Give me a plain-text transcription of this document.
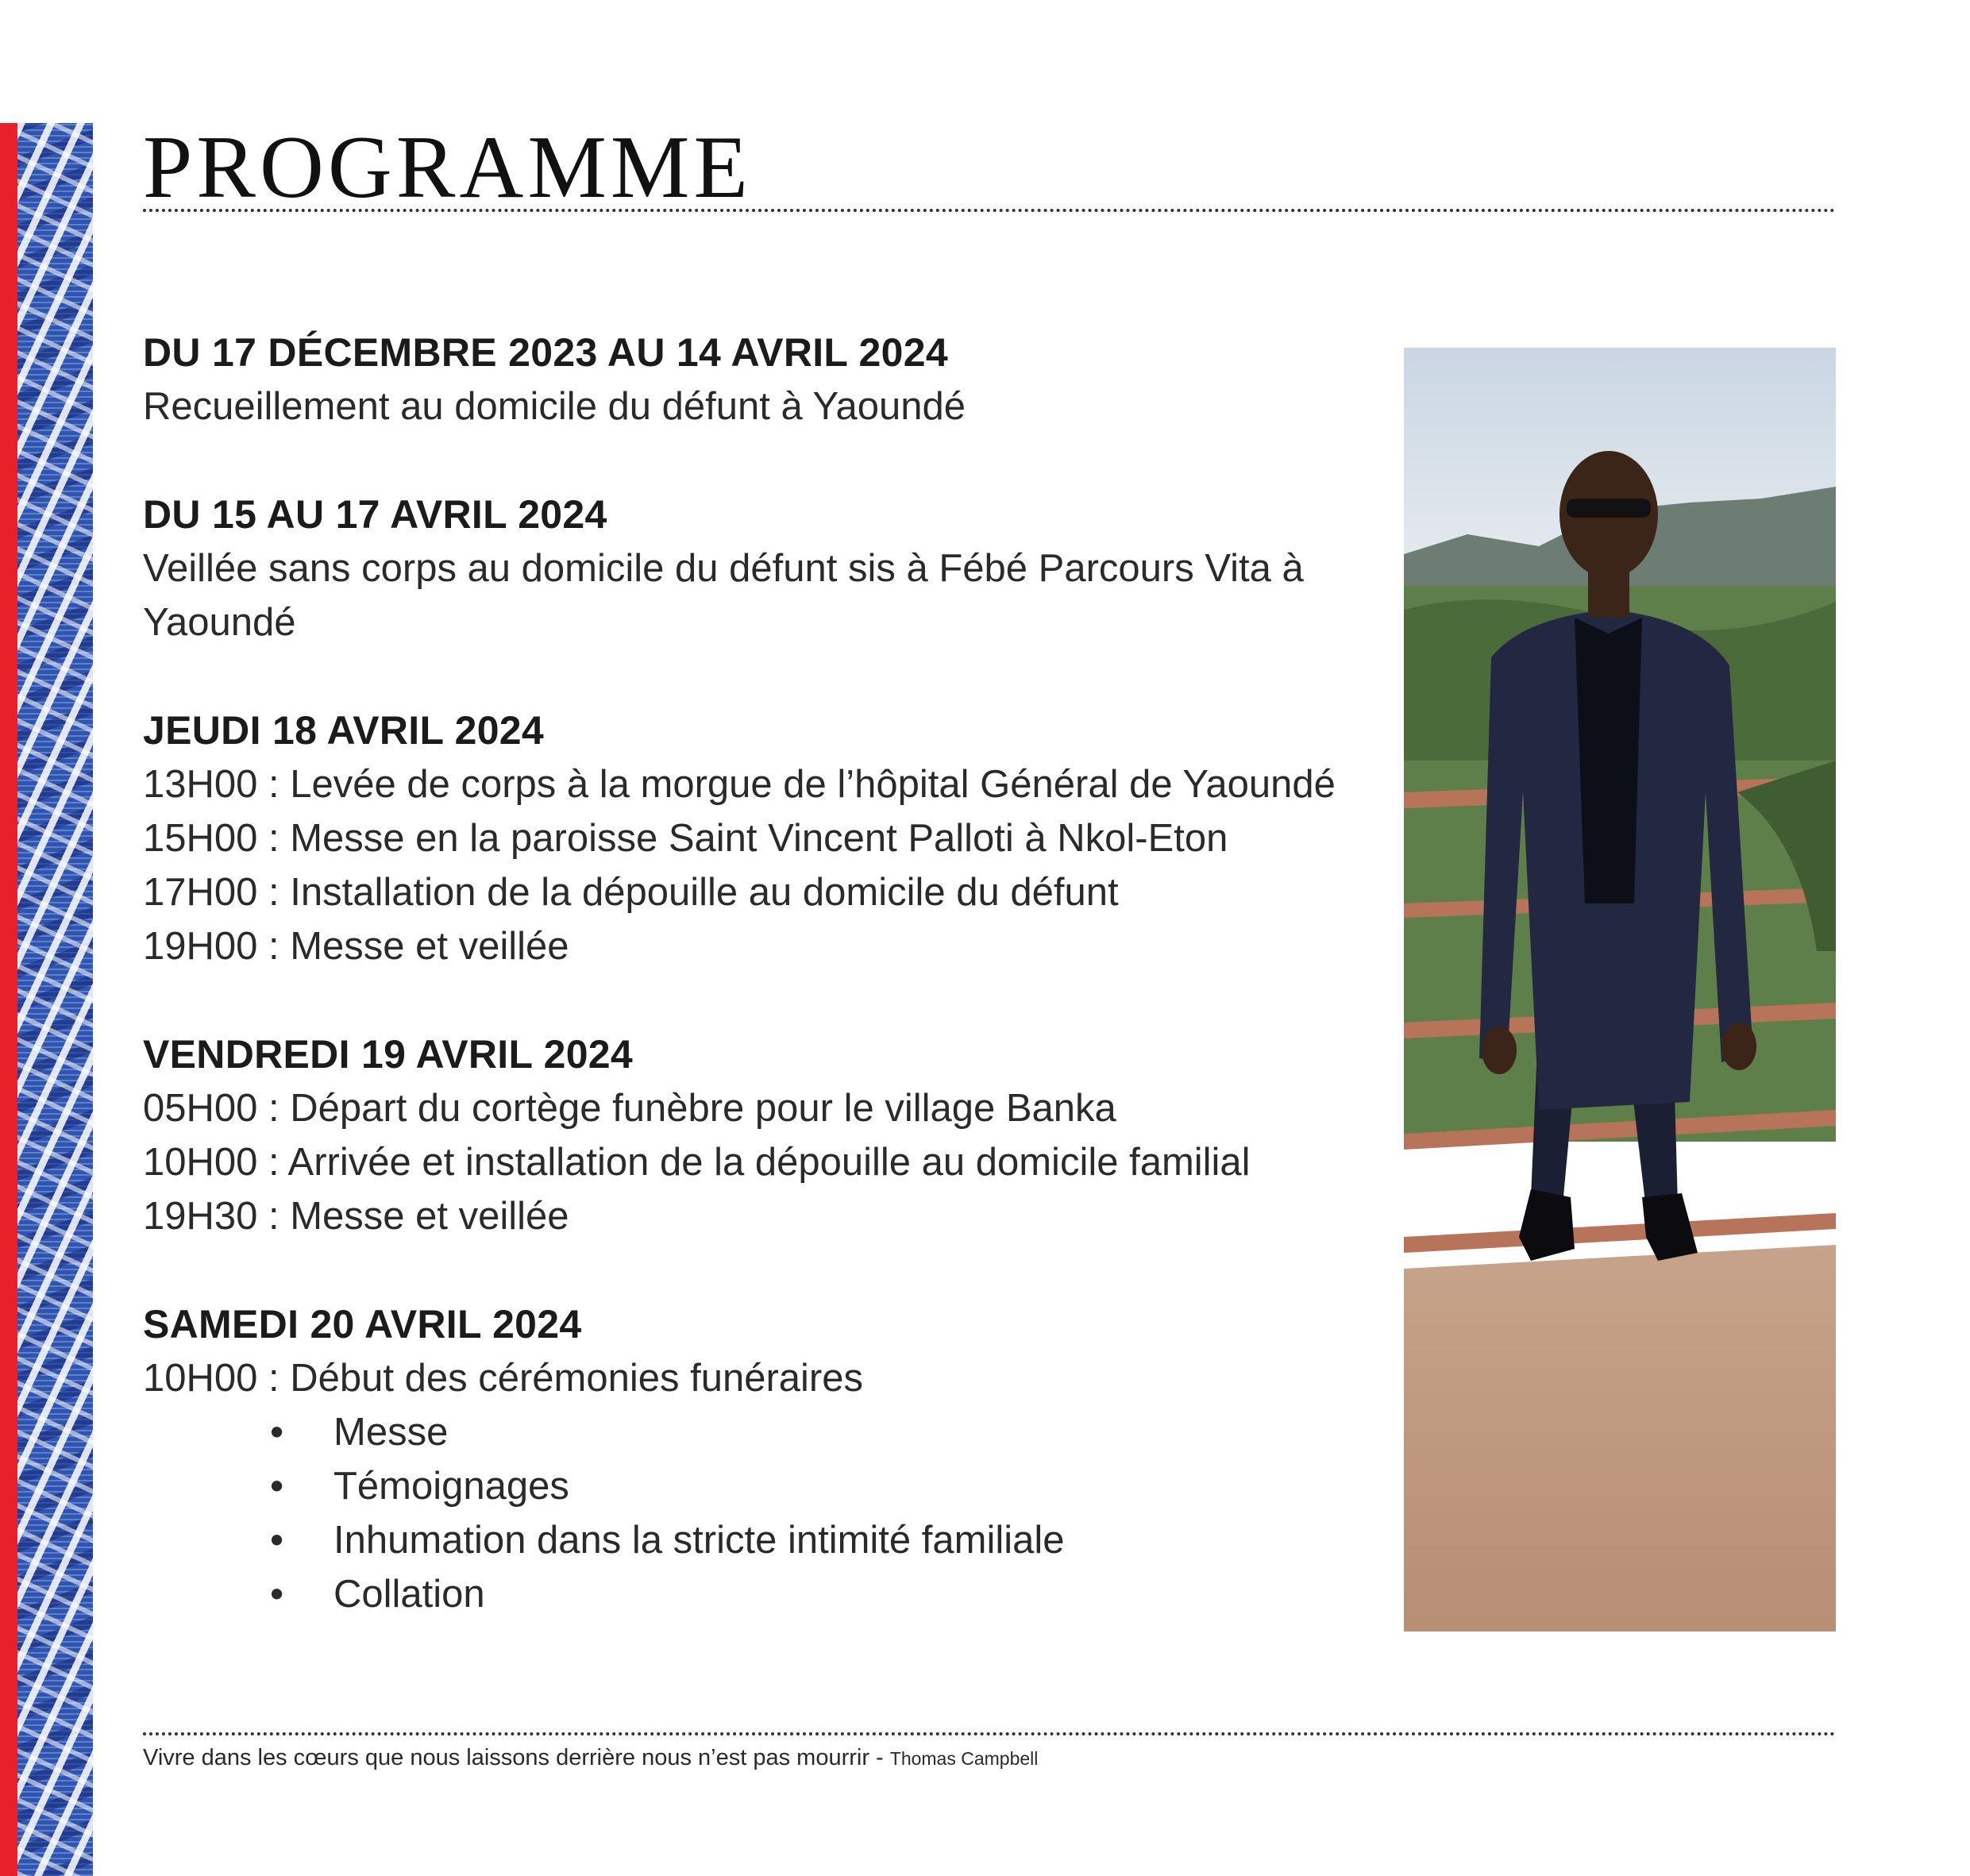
PROGRAMME
DU 17 DÉCEMBRE 2023 AU 14 AVRIL 2024
Recueillement au domicile du défunt à Yaoundé
DU 15 AU 17 AVRIL 2024
Veillée sans corps au domicile du défunt sis à Fébé Parcours Vita à
Yaoundé
JEUDI 18 AVRIL 2024
13H00 : Levée de corps à la morgue de l’hôpital Général de Yaoundé
15H00 : Messe en la paroisse Saint Vincent Palloti à Nkol-Eton
17H00 : Installation de la dépouille au domicile du défunt
19H00 : Messe et veillée
VENDREDI 19 AVRIL 2024
05H00 : Départ du cortège funèbre pour le village Banka
10H00 : Arrivée et installation de la dépouille au domicile familial
19H30 : Messe et veillée
SAMEDI 20 AVRIL 2024
10H00 : Début des cérémonies funéraires
• Messe
• Témoignages
• Inhumation dans la stricte intimité familiale
• Collation
Vivre dans les cœurs que nous laissons derrière nous n’est pas mourrir - Thomas Campbell
